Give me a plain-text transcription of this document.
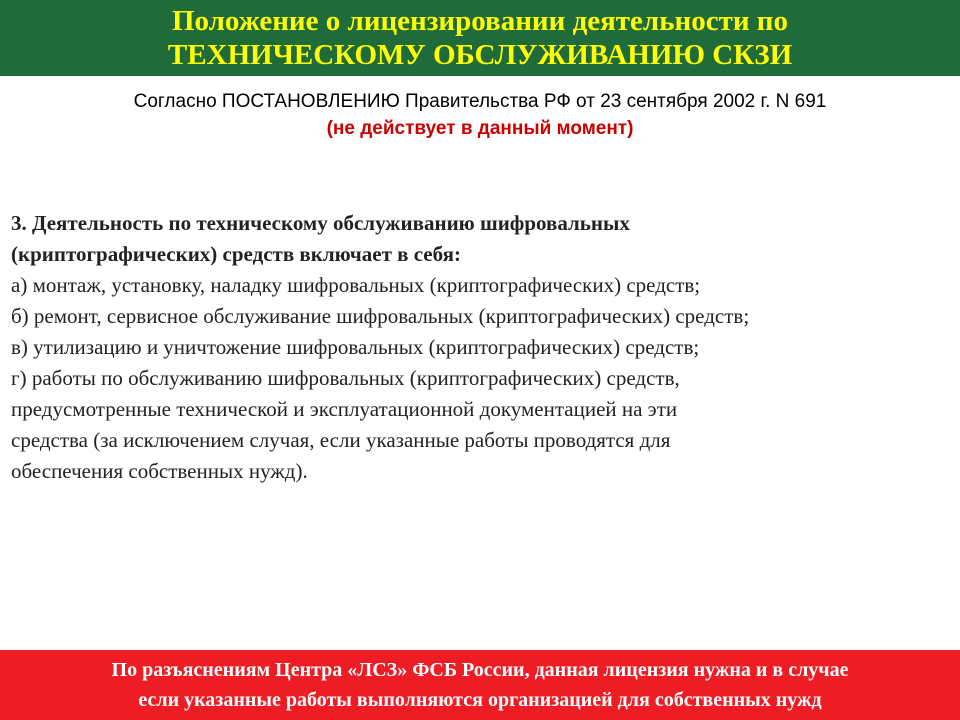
Положение о лицензировании деятельности по
ТЕХНИЧЕСКОМУ ОБСЛУЖИВАНИЮ СКЗИ
Согласно ПОСТАНОВЛЕНИЮ Правительства РФ от 23 сентября 2002 г. N 691
(не действует в данный момент)
3. Деятельность по техническому обслуживанию шифровальных
(криптографических) средств включает в себя:
а) монтаж, установку, наладку шифровальных (криптографических) средств;
б) ремонт, сервисное обслуживание шифровальных (криптографических) средств;
в) утилизацию и уничтожение шифровальных (криптографических) средств;
г) работы по обслуживанию шифровальных (криптографических) средств,
предусмотренные технической и эксплуатационной документацией на эти
средства (за исключением случая, если указанные работы проводятся для
обеспечения собственных нужд).
По разъяснениям Центра «ЛСЗ» ФСБ России, данная лицензия нужна и в случае
если указанные работы выполняются организацией для собственных нужд
